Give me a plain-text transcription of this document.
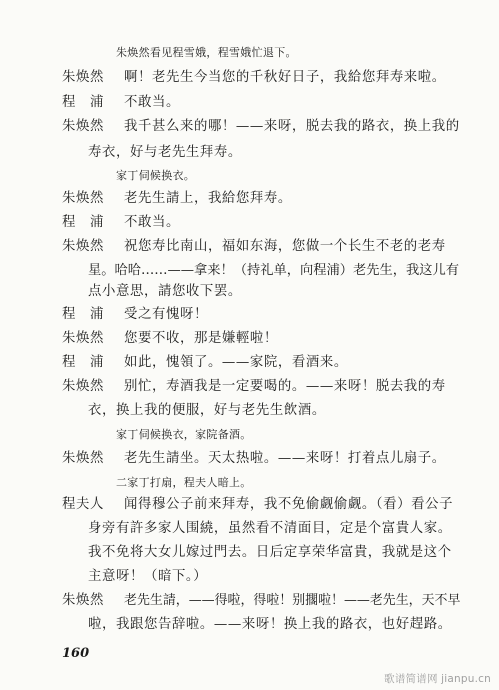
朱焕然看见程雪娥，程雪娥忙退下。
朱焕然 啊！老先生今当您的千秋好日子，我給您拜寿来啦。
程　浦 不敢当。
朱焕然 我千甚么来的哪！——来呀，脱去我的路衣，换上我的
寿衣，好与老先生拜寿。
家丁伺候换衣。
朱焕然 老先生請上，我給您拜寿。
程　浦 不敢当。
朱焕然 祝您寿比南山，福如东海，您做一个长生不老的老寿
星。哈哈……——拿来！（持礼单，向程浦）老先生，我这儿有
点小意思，請您收下罢。
程　浦 受之有愧呀！
朱焕然 您要不收，那是嫌輕啦！
程　浦 如此，愧領了。——家院，看酒来。
朱焕然 别忙，寿酒我是一定要喝的。——来呀！脱去我的寿
衣，换上我的便服，好与老先生飲酒。
家丁伺候换衣，家院备酒。
朱焕然 老先生請坐。天太热啦。——来呀！打着点儿扇子。
二家丁打扇，程夫人暗上。
程夫人 闻得穆公子前来拜寿，我不免偷觑偷觑。（看）看公子
身旁有許多家人围繞，虽然看不清面目，定是个富貴人家。
我不免将大女儿嫁过門去。日后定享荣华富貴，我就是这个
主意呀！（暗下。）
朱焕然 老先生請，——得啦，得啦！别擱啦！——老先生，天不早
啦，我跟您告辞啦。——来呀！换上我的路衣，也好趕路。
160
歌谱简谱网 jianpu.cn
